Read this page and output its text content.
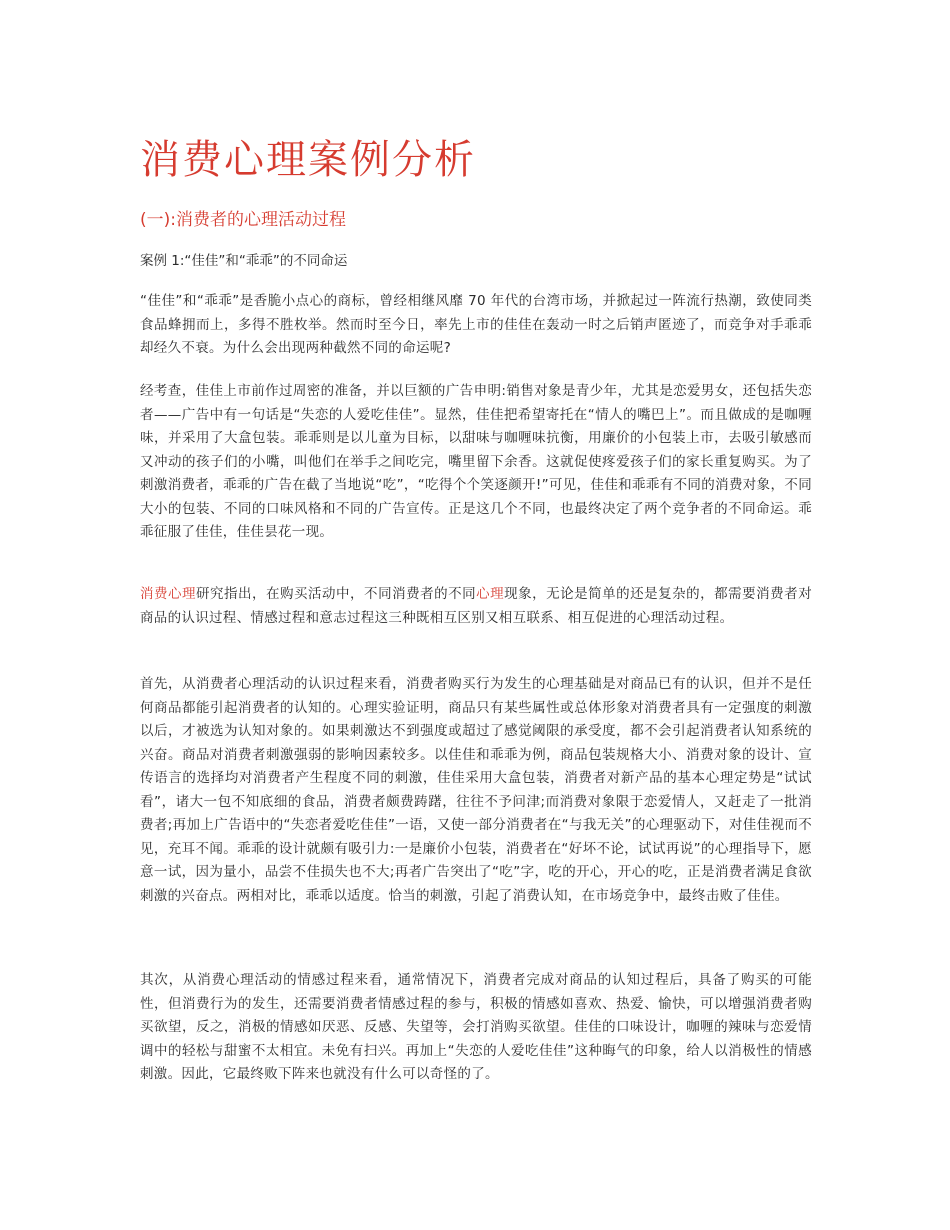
消费心理案例分析
(一):消费者的心理活动过程

案例 1:“佳佳”和“乖乖”的不同命运

“佳佳”和“乖乖”是香脆小点心的商标，曾经相继风靡 70 年代的台湾市场，并掀起过一阵流行热潮，致使同类食品蜂拥而上，多得不胜枚举。然而时至今日，率先上市的佳佳在轰动一时之后销声匿迹了，而竞争对手乖乖却经久不衰。为什么会出现两种截然不同的命运呢?

经考查，佳佳上市前作过周密的准备，并以巨额的广告申明:销售对象是青少年，尤其是恋爱男女，还包括失恋者——广告中有一句话是“失恋的人爱吃佳佳”。显然，佳佳把希望寄托在“情人的嘴巴上”。而且做成的是咖喱味，并采用了大盒包装。乖乖则是以儿童为目标，以甜味与咖喱味抗衡，用廉价的小包装上市，去吸引敏感而又冲动的孩子们的小嘴，叫他们在举手之间吃完，嘴里留下余香。这就促使疼爱孩子们的家长重复购买。为了刺激消费者，乖乖的广告在截了当地说“吃”，“吃得个个笑逐颜开!”可见，佳佳和乖乖有不同的消费对象，不同大小的包装、不同的口味风格和不同的广告宣传。正是这几个不同，也最终决定了两个竞争者的不同命运。乖乖征服了佳佳，佳佳昙花一现。

消费心理研究指出，在购买活动中，不同消费者的不同心理现象，无论是简单的还是复杂的，都需要消费者对商品的认识过程、情感过程和意志过程这三种既相互区别又相互联系、相互促进的心理活动过程。

首先，从消费者心理活动的认识过程来看，消费者购买行为发生的心理基础是对商品已有的认识，但并不是任何商品都能引起消费者的认知的。心理实验证明，商品只有某些属性或总体形象对消费者具有一定强度的刺激以后，才被选为认知对象的。如果刺激达不到强度或超过了感觉阈限的承受度，都不会引起消费者认知系统的兴奋。商品对消费者刺激强弱的影响因素较多。以佳佳和乖乖为例，商品包装规格大小、消费对象的设计、宣传语言的选择均对消费者产生程度不同的刺激，佳佳采用大盒包装，消费者对新产品的基本心理定势是“试试看”，诸大一包不知底细的食品，消费者颇费踌躇，往往不予问津;而消费对象限于恋爱情人，又赶走了一批消费者;再加上广告语中的“失恋者爱吃佳佳”一语，又使一部分消费者在“与我无关”的心理驱动下，对佳佳视而不见，充耳不闻。乖乖的设计就颇有吸引力:一是廉价小包装，消费者在“好坏不论，试试再说”的心理指导下，愿意一试，因为量小，品尝不佳损失也不大;再者广告突出了“吃”字，吃的开心，开心的吃，正是消费者满足食欲刺激的兴奋点。两相对比，乖乖以适度。恰当的刺激，引起了消费认知，在市场竞争中，最终击败了佳佳。

其次，从消费心理活动的情感过程来看，通常情况下，消费者完成对商品的认知过程后，具备了购买的可能性，但消费行为的发生，还需要消费者情感过程的参与，积极的情感如喜欢、热爱、愉快，可以增强消费者购买欲望，反之，消极的情感如厌恶、反感、失望等，会打消购买欲望。佳佳的口味设计，咖喱的辣味与恋爱情调中的轻松与甜蜜不太相宜。未免有扫兴。再加上“失恋的人爱吃佳佳”这种晦气的印象，给人以消极性的情感刺激。因此，它最终败下阵来也就没有什么可以奇怪的了。
